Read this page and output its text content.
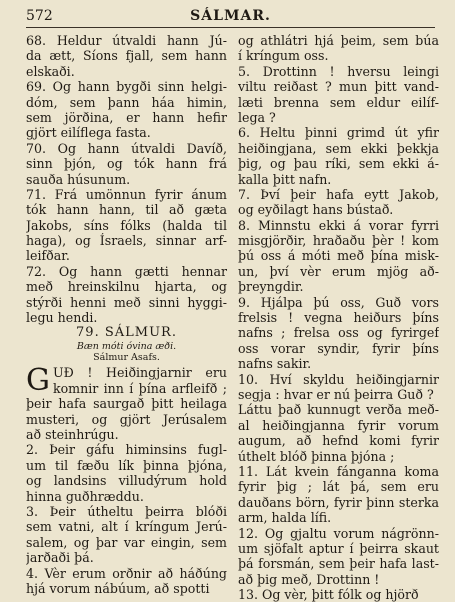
572	SÁLMAR.
68. Heldur útvaldi hann Jú-
da ætt, Síons fjall, sem hann
elskaði.
69. Og hann bygði sinn helgi-
dóm, sem þann háa himin,
sem jörðina, er hann hefir
gjört eilíflega fasta.
70. Og hann útvaldi Davíð,
sinn þjón, og tók hann frá
sauða húsunum.
71. Frá umönnun fyrir ánum
tók hann hann, til að gæta
Jakobs, síns fólks (halda til
haga), og Ísraels, sinnar arf-
leifðar.
72. Og hann gætti hennar
með hreinskilnu hjarta, og
stýrði henni með sinni hyggi-
legu hendi.
79. SÁLMUR.
Bæn móti óvina æði.
Sálmur Asafs.
G UÐ ! Heiðingjarnir eru
komnir inn í þína arfleifð ;
þeir hafa saurgað þitt heilaga
musteri, og gjört Jerúsalem
að steinhrúgu.
2. Þeir gáfu himinsins fugl-
um til fæðu lík þinna þjóna,
og landsins villudýrum hold
hinna guðhræddu.
3. Þeir útheltu þeirra blóði
sem vatni, alt í kríngum Jerú-
salem, og þar var eingin, sem
jarðaði þá.
4. Vèr erum orðnir að háðúng
hjá vorum nábúum, að spotti
og athlátri hjá þeim, sem búa
í kríngum oss.
5. Drottinn ! hversu leingi
viltu reiðast ? mun þitt vand-
læti brenna sem eldur eilíf-
lega ?
6. Heltu þinni grimd út yfir
heiðingjana, sem ekki þekkja
þig, og þau ríki, sem ekki á-
kalla þitt nafn.
7. Því þeir hafa eytt Jakob,
og eyðilagt hans bústað.
8. Minnstu ekki á vorar fyrri
misgjörðir, hraðaðu þèr ! kom
þú oss á móti með þína misk-
un, því vèr erum mjög að-
þreyngdir.
9. Hjálpa þú oss, Guð vors
frelsis ! vegna heiðurs þíns
nafns ; frelsa oss og fyrirgef
oss vorar syndir, fyrir þíns
nafns sakir.
10. Hví skyldu heiðingjarnir
segja : hvar er nú þeirra Guð ?
Láttu það kunnugt verða með-
al heiðingjanna fyrir vorum
augum, að hefnd komi fyrir
úthelt blóð þinna þjóna ;
11. Lát kvein fánganna koma
fyrir þig ; lát þá, sem eru
dauðans börn, fyrir þinn sterka
arm, halda lífi.
12. Og gjaltu vorum nágrönn-
um sjöfalt aptur í þeirra skaut
þá forsmán, sem þeir hafa last-
að þig með, Drottinn !
13. Og vèr, þitt fólk og hjörð
